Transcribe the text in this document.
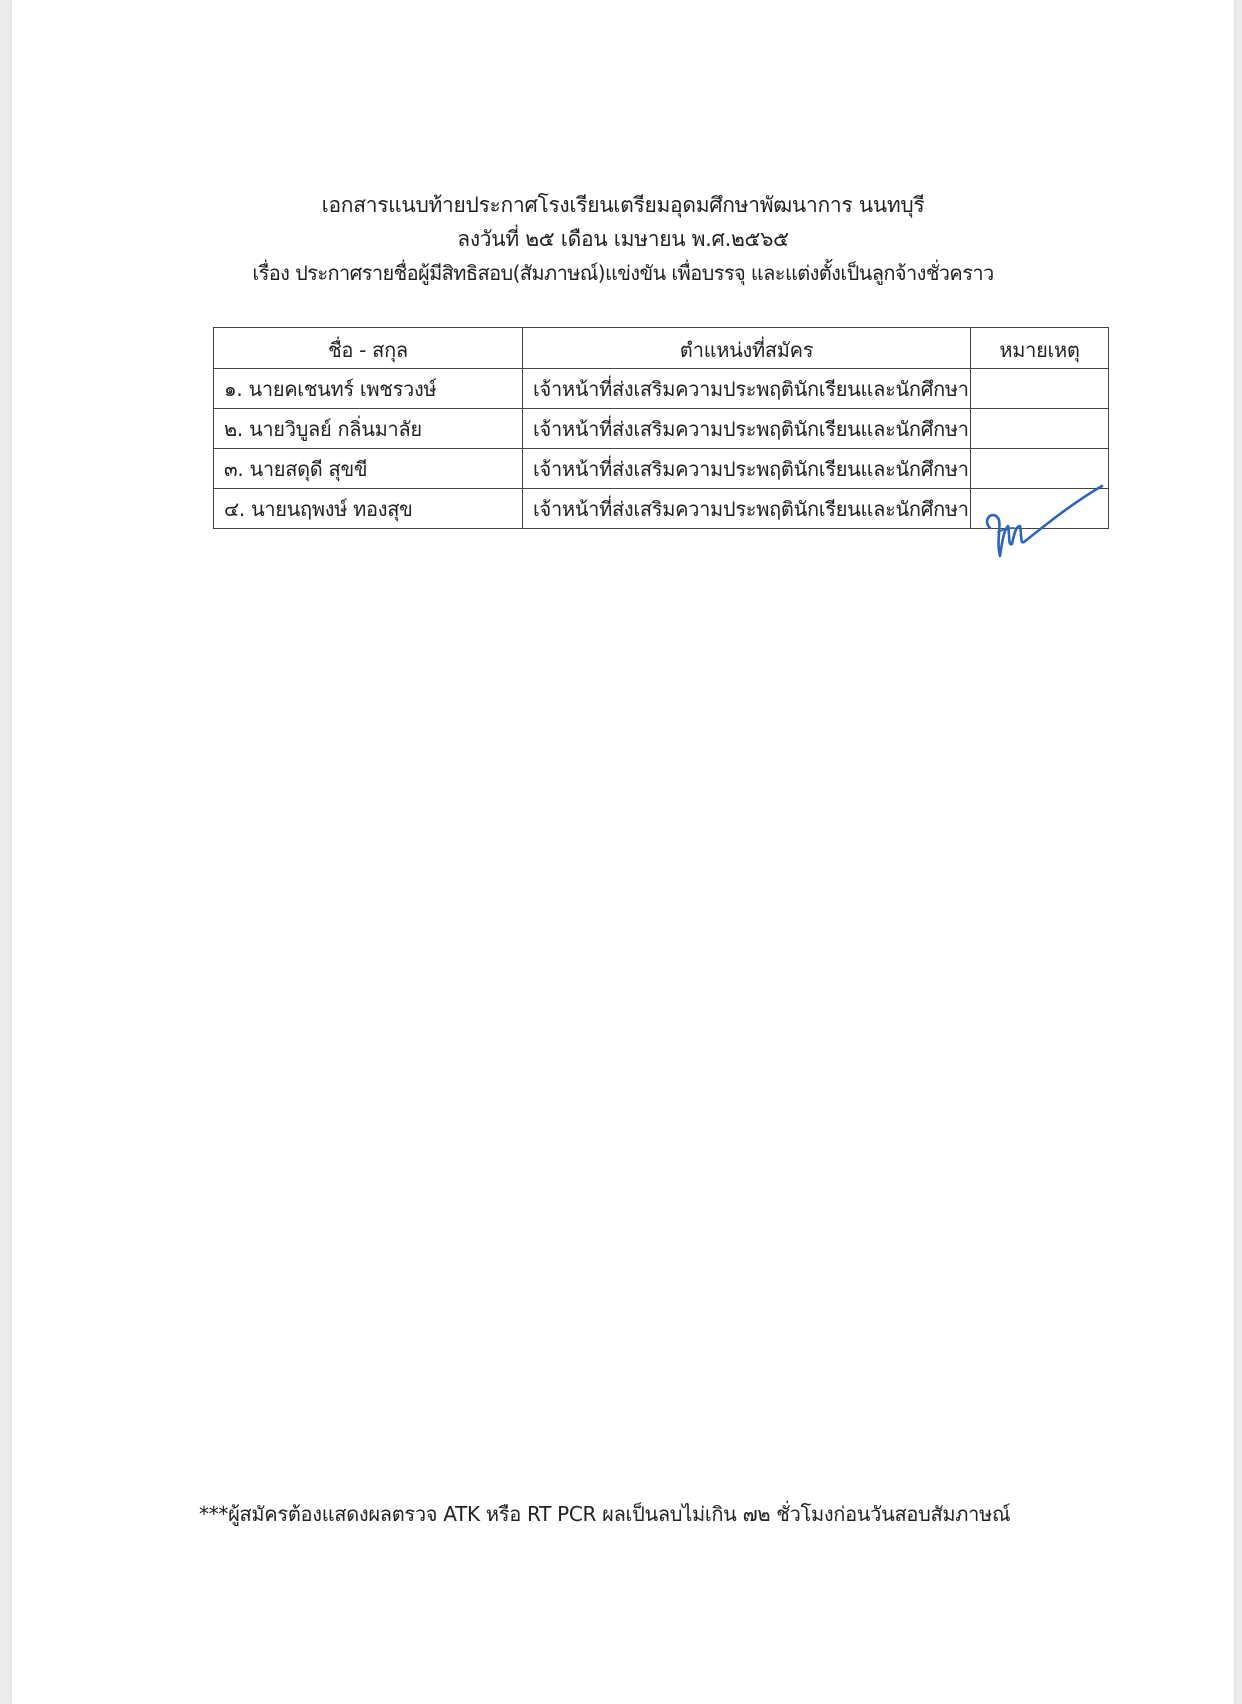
เอกสารแนบท้ายประกาศโรงเรียนเตรียมอุดมศึกษาพัฒนาการ นนทบุรี
ลงวันที่ ๒๕ เดือน เมษายน พ.ศ.๒๕๖๕
เรื่อง ประกาศรายชื่อผู้มีสิทธิสอบ(สัมภาษณ์)แข่งขัน เพื่อบรรจุ และแต่งตั้งเป็นลูกจ้างชั่วคราว
ชื่อ - สกุล	ตำแหน่งที่สมัคร	หมายเหตุ
๑. นายคเชนทร์ เพชรวงษ์	เจ้าหน้าที่ส่งเสริมความประพฤตินักเรียนและนักศึกษา	
๒. นายวิบูลย์ กลิ่นมาลัย	เจ้าหน้าที่ส่งเสริมความประพฤตินักเรียนและนักศึกษา	
๓. นายสดุดี สุขขี	เจ้าหน้าที่ส่งเสริมความประพฤตินักเรียนและนักศึกษา	
๔. นายนฤพงษ์ ทองสุข	เจ้าหน้าที่ส่งเสริมความประพฤตินักเรียนและนักศึกษา	
***ผู้สมัครต้องแสดงผลตรวจ ATK หรือ RT PCR ผลเป็นลบไม่เกิน ๗๒ ชั่วโมงก่อนวันสอบสัมภาษณ์
